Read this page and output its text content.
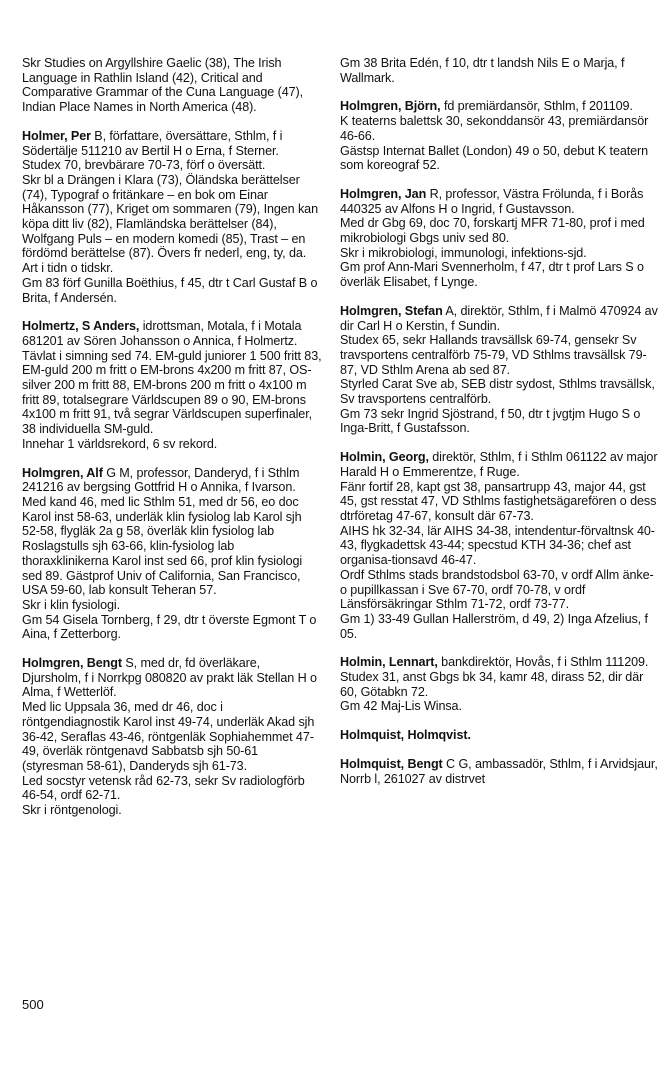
Skr Studies on Argyllshire Gaelic (38), The Irish Language in Rathlin Island (42), Critical and Comparative Grammar of the Cuna Language (47), Indian Place Names in North America (48).

Holmer, Per B, författare, översättare, Sthlm, f i Södertälje 511210 av Bertil H o Erna, f Sterner.

Studex 70, brevbärare 70-73, förf o översätt.

Skr bl a Drängen i Klara (73), Öländska berättelser (74), Typograf o fritänkare – en bok om Einar Håkansson (77), Kriget om sommaren (79), Ingen kan köpa ditt liv (82), Flamländska berättelser (84), Wolfgang Puls – en modern komedi (85), Trast – en fördömd berättelse (87). Övers fr nederl, eng, ty, da. Art i tidn o tidskr.

Gm 83 förf Gunilla Boëthius, f 45, dtr t Carl Gustaf B o Brita, f Andersén.

Holmertz, S Anders, idrottsman, Motala, f i Motala 681201 av Sören Johansson o Annica, f Holmertz.

Tävlat i simning sed 74. EM-guld juniorer 1 500 fritt 83, EM-guld 200 m fritt o EM-brons 4x200 m fritt 87, OS-silver 200 m fritt 88, EM-brons 200 m fritt o 4x100 m fritt 89, totalsegrare Världscupen 89 o 90, EM-brons 4x100 m fritt 91, två segrar Världscupen superfinaler, 38 individuella SM-guld.

Innehar 1 världsrekord, 6 sv rekord.

Holmgren, Alf G M, professor, Danderyd, f i Sthlm 241216 av bergsing Gottfrid H o Annika, f Ivarson.

Med kand 46, med lic Sthlm 51, med dr 56, eo doc Karol inst 58-63, underläk klin fysiolog lab Karol sjh 52-58, flygläk 2a g 58, överläk klin fysiolog lab Roslagstulls sjh 63-66, klin-fysiolog lab thoraxklinikerna Karol inst sed 66, prof klin fysiologi sed 89. Gästprof Univ of California, San Francisco, USA 59-60, lab konsult Teheran 57.

Skr i klin fysiologi.

Gm 54 Gisela Tornberg, f 29, dtr t överste Egmont T o Aina, f Zetterborg.

Holmgren, Bengt S, med dr, fd överläkare, Djursholm, f i Norrkpg 080820 av prakt läk Stellan H o Alma, f Wetterlöf.

Med lic Uppsala 36, med dr 46, doc i röntgendiagnostik Karol inst 49-74, underläk Akad sjh 36-42, Seraflas 43-46, röntgenläk Sophiahemmet 47-49, överläk röntgenavd Sabbatsb sjh 50-61 (styresman 58-61), Danderyds sjh 61-73.

Led socstyr vetensk råd 62-73, sekr Sv radiologförb 46-54, ordf 62-71.

Skr i röntgenologi.

Gm 38 Brita Edén, f 10, dtr t landsh Nils E o Marja, f Wallmark.

Holmgren, Björn, fd premiärdansör, Sthlm, f 201109.

K teaterns balettsk 30, sekonddansör 43, premiärdansör 46-66.

Gästsp Internat Ballet (London) 49 o 50, debut K teatern som koreograf 52.

Holmgren, Jan R, professor, Västra Frölunda, f i Borås 440325 av Alfons H o Ingrid, f Gustavsson.

Med dr Gbg 69, doc 70, forskartj MFR 71-80, prof i med mikrobiologi Gbgs univ sed 80.

Skr i mikrobiologi, immunologi, infektions-sjd.

Gm prof Ann-Mari Svennerholm, f 47, dtr t prof Lars S o överläk Elisabet, f Lynge.

Holmgren, Stefan A, direktör, Sthlm, f i Malmö 470924 av dir Carl H o Kerstin, f Sundin.

Studex 65, sekr Hallands travsällsk 69-74, gensekr Sv travsportens centralförb 75-79, VD Sthlms travsällsk 79-87, VD Sthlm Arena ab sed 87.

Styrled Carat Sve ab, SEB distr sydost, Sthlms travsällsk, Sv travsportens centralförb.

Gm 73 sekr Ingrid Sjöstrand, f 50, dtr t jvgtjm Hugo S o Inga-Britt, f Gustafsson.

Holmin, Georg, direktör, Sthlm, f i Sthlm 061122 av major Harald H o Emmerentze, f Ruge.

Fänr fortif 28, kapt gst 38, pansartrupp 43, major 44, gst 45, gst resstat 47, VD Sthlms fastighetsägarefören o dess dtrföretag 47-67, konsult där 67-73.

AIHS hk 32-34, lär AIHS 34-38, intendentur-förvaltnsk 40-43, flygkadettsk 43-44; specstud KTH 34-36; chef ast organisa-tionsavd 46-47.

Ordf Sthlms stads brandstodsbol 63-70, v ordf Allm änke- o pupillkassan i Sve 67-70, ordf 70-78, v ordf Länsförsäkringar Sthlm 71-72, ordf 73-77.

Gm 1) 33-49 Gullan Hallerström, d 49, 2) Inga Afzelius, f 05.

Holmin, Lennart, bankdirektör, Hovås, f i Sthlm 111209.

Studex 31, anst Gbgs bk 34, kamr 48, dirass 52, dir där 60, Götabkn 72.

Gm 42 Maj-Lis Winsa.

Holmquist, Holmqvist.

Holmquist, Bengt C G, ambassadör, Sthlm, f i Arvidsjaur, Norrb l, 261027 av distrvet

500
